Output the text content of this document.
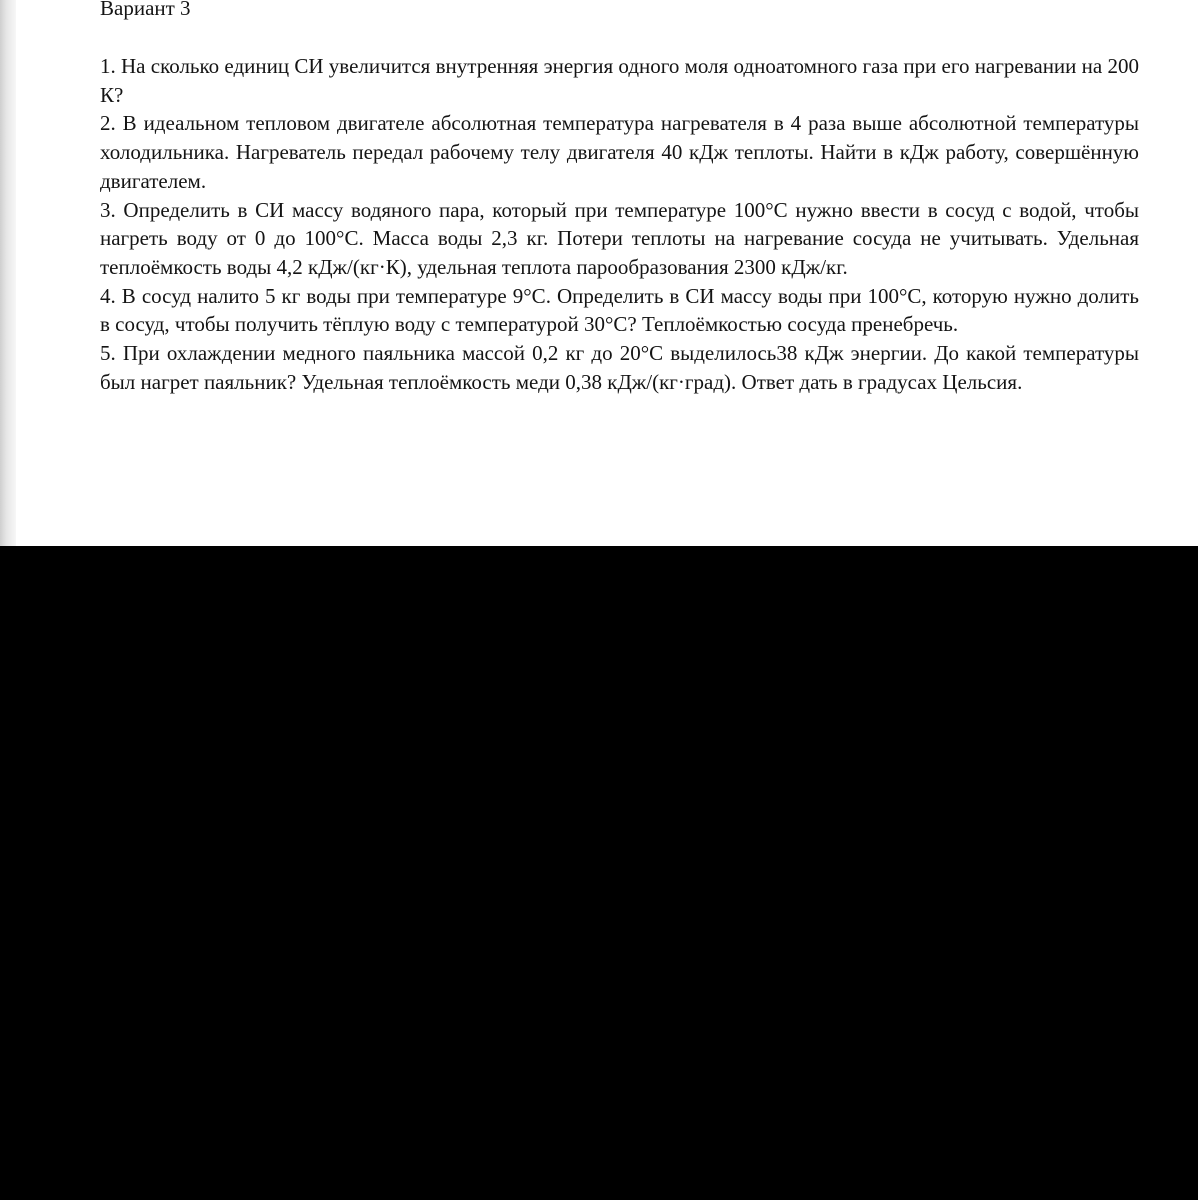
Вариант 3
1. На сколько единиц СИ увеличится внутренняя энергия одного моля одноатомного газа при его нагревании на 200 К?
2. В идеальном тепловом двигателе абсолютная температура нагревателя в 4 раза выше абсолютной температуры холодильника. Нагреватель передал рабочему телу двигателя 40 кДж теплоты. Найти в кДж работу, совершённую двигателем.
3. Определить в СИ массу водяного пара, который при температуре 100°С нужно ввести в сосуд с водой, чтобы нагреть воду от 0 до 100°С. Масса воды 2,3 кг. Потери теплоты на нагревание сосуда не учитывать. Удельная теплоёмкость воды 4,2 кДж/(кг·К), удельная теплота парообразования 2300 кДж/кг.
4. В сосуд налито 5 кг воды при температуре 9°С. Определить в СИ массу воды при 100°С, которую нужно долить в сосуд, чтобы получить тёплую воду с температурой 30°С? Теплоёмкостью сосуда пренебречь.
5. При охлаждении медного паяльника массой 0,2 кг до 20°С выделилось38 кДж энергии. До какой температуры был нагрет паяльник? Удельная теплоёмкость меди 0,38 кДж/(кг·град). Ответ дать в градусах Цельсия.
